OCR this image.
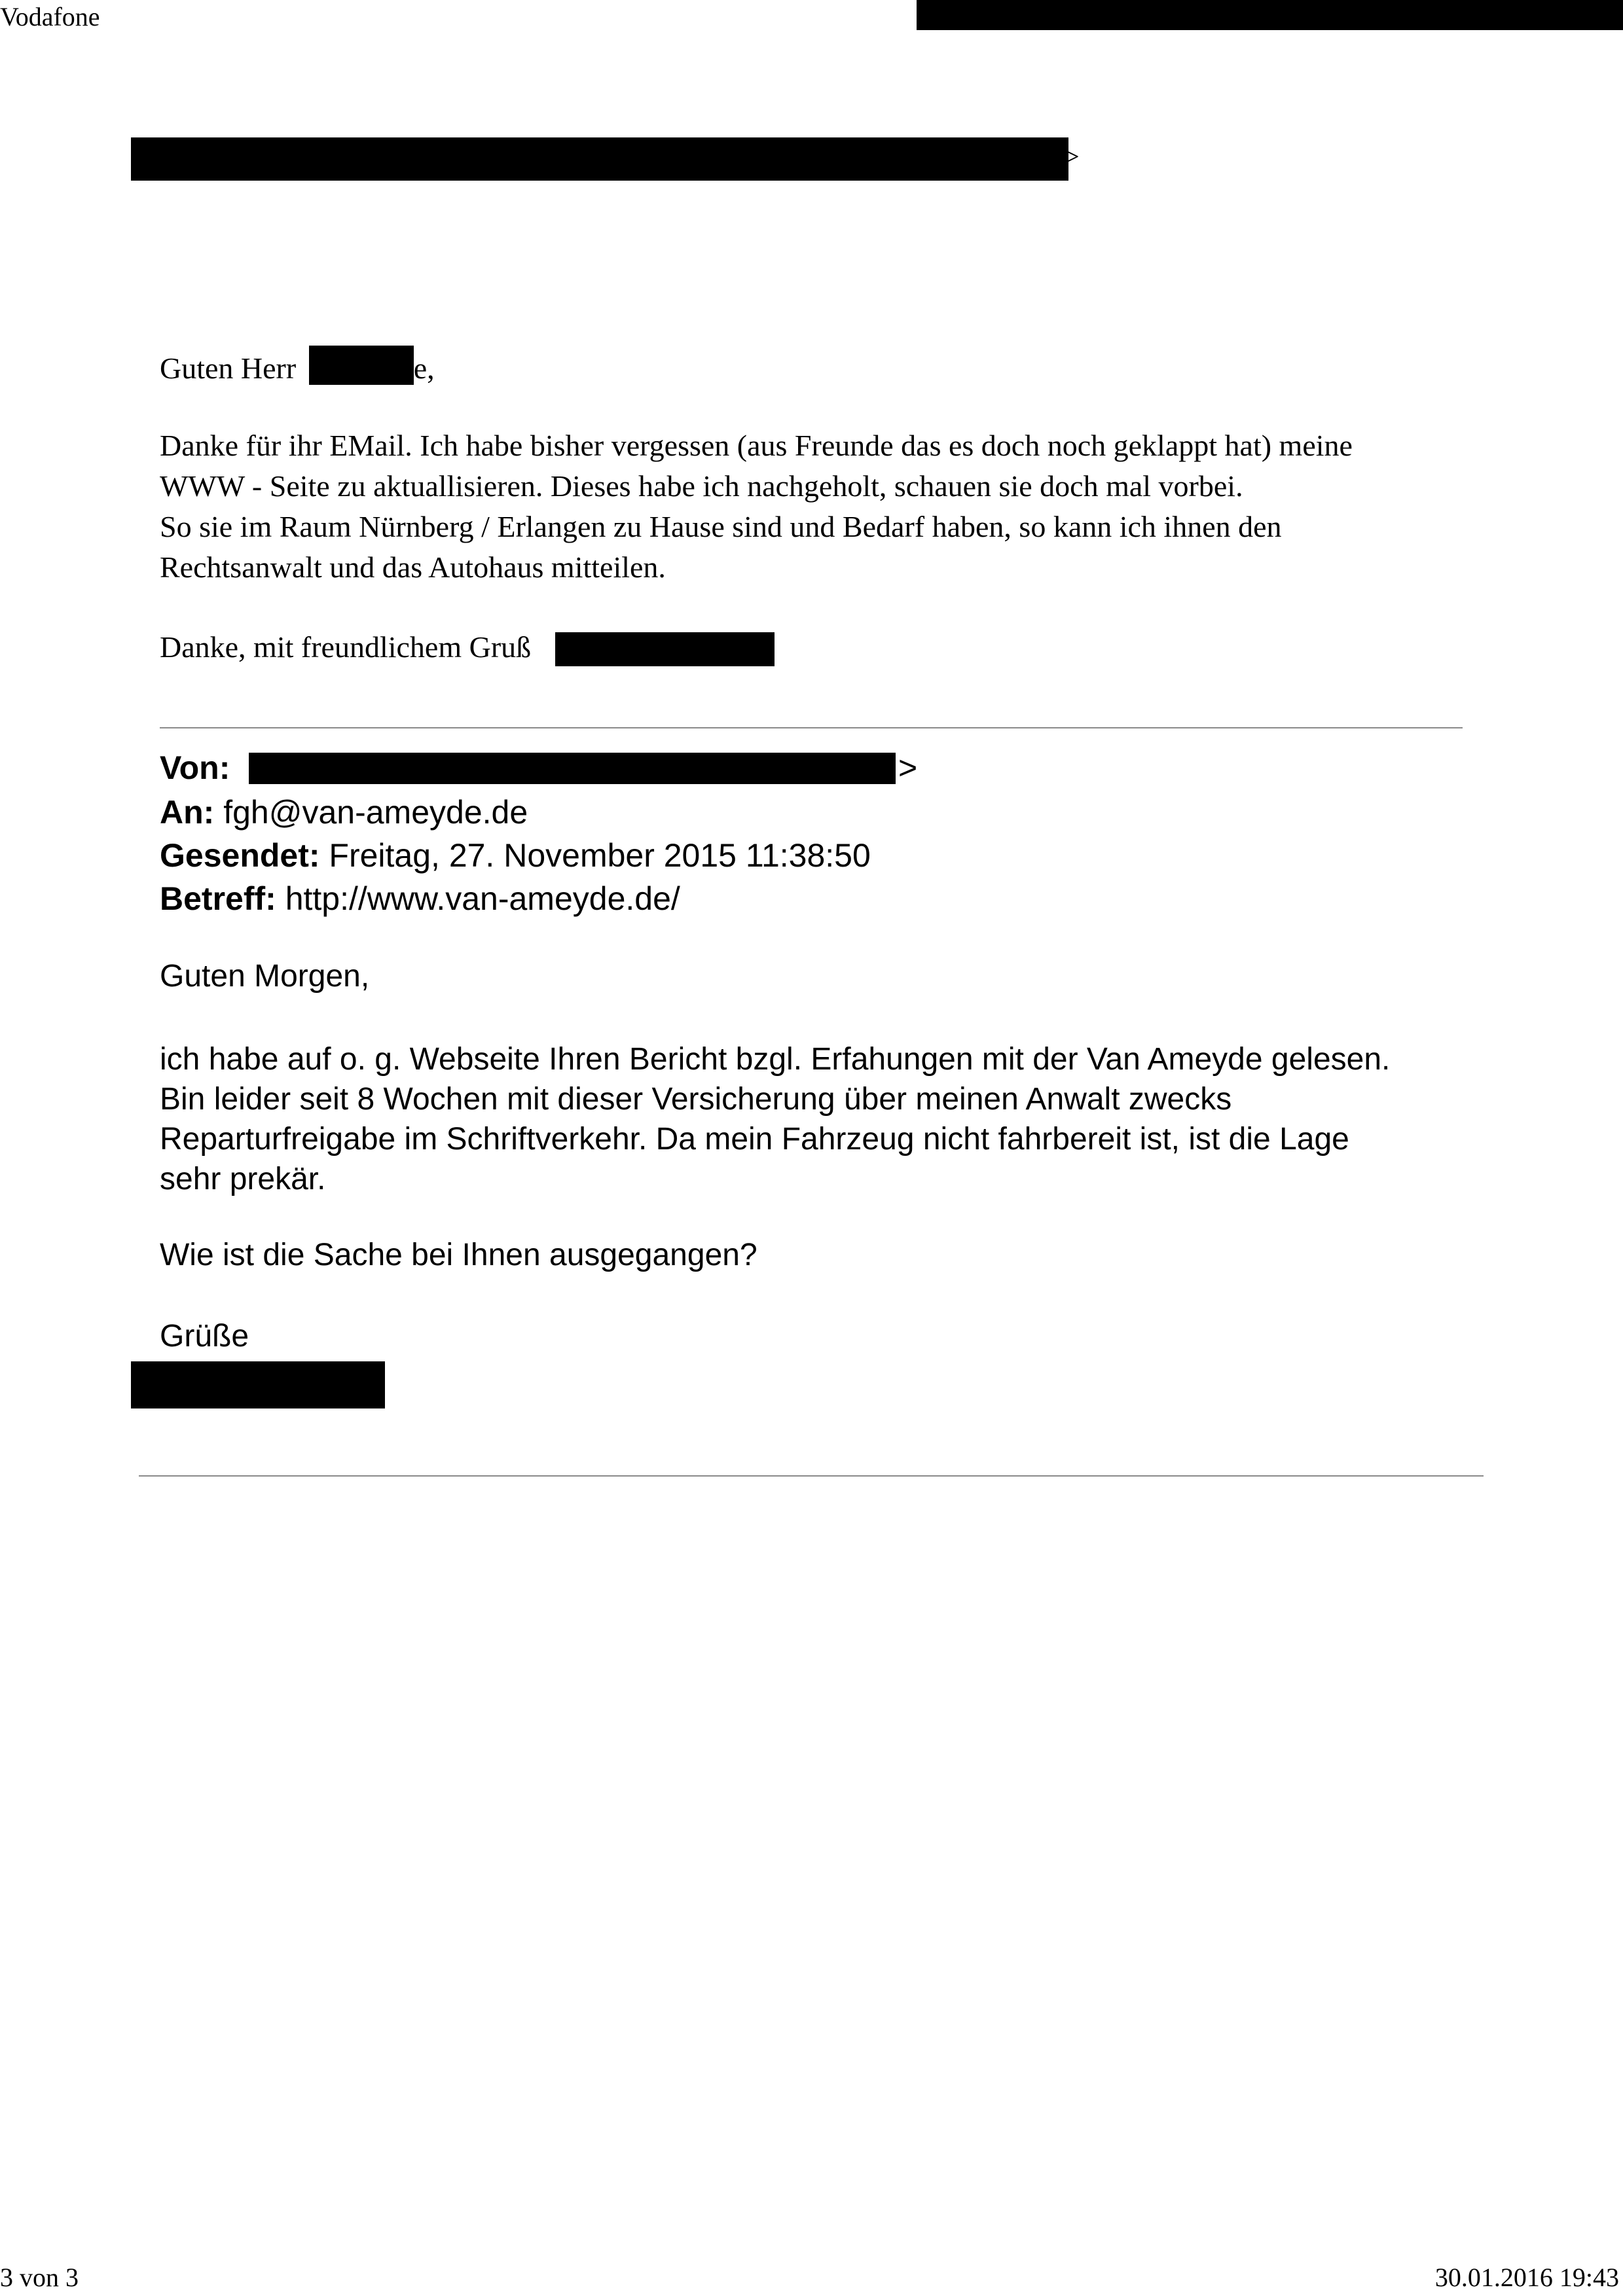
Vodafone
>
Guten Herr	e,

Danke für ihr EMail. Ich habe bisher vergessen (aus Freunde das es doch noch geklappt hat) meine

WWW - Seite zu aktuallisieren. Dieses habe ich nachgeholt, schauen sie doch mal vorbei.

So sie im Raum Nürnberg / Erlangen zu Hause sind und Bedarf haben, so kann ich ihnen den

Rechtsanwalt und das Autohaus mitteilen.

Danke, mit freundlichem Gruß
Von:	>
An: fgh@van-ameyde.de
Gesendet: Freitag, 27. November 2015 11:38:50
Betreff: http://www.van-ameyde.de/
Guten Morgen,

ich habe auf o. g. Webseite Ihren Bericht bzgl. Erfahungen mit der Van Ameyde gelesen.

Bin leider seit 8 Wochen mit dieser Versicherung über meinen Anwalt zwecks

Reparturfreigabe im Schriftverkehr. Da mein Fahrzeug nicht fahrbereit ist, ist die Lage

sehr prekär.

Wie ist die Sache bei Ihnen ausgegangen?
Grüße
3 von 3	30.01.2016 19:43
